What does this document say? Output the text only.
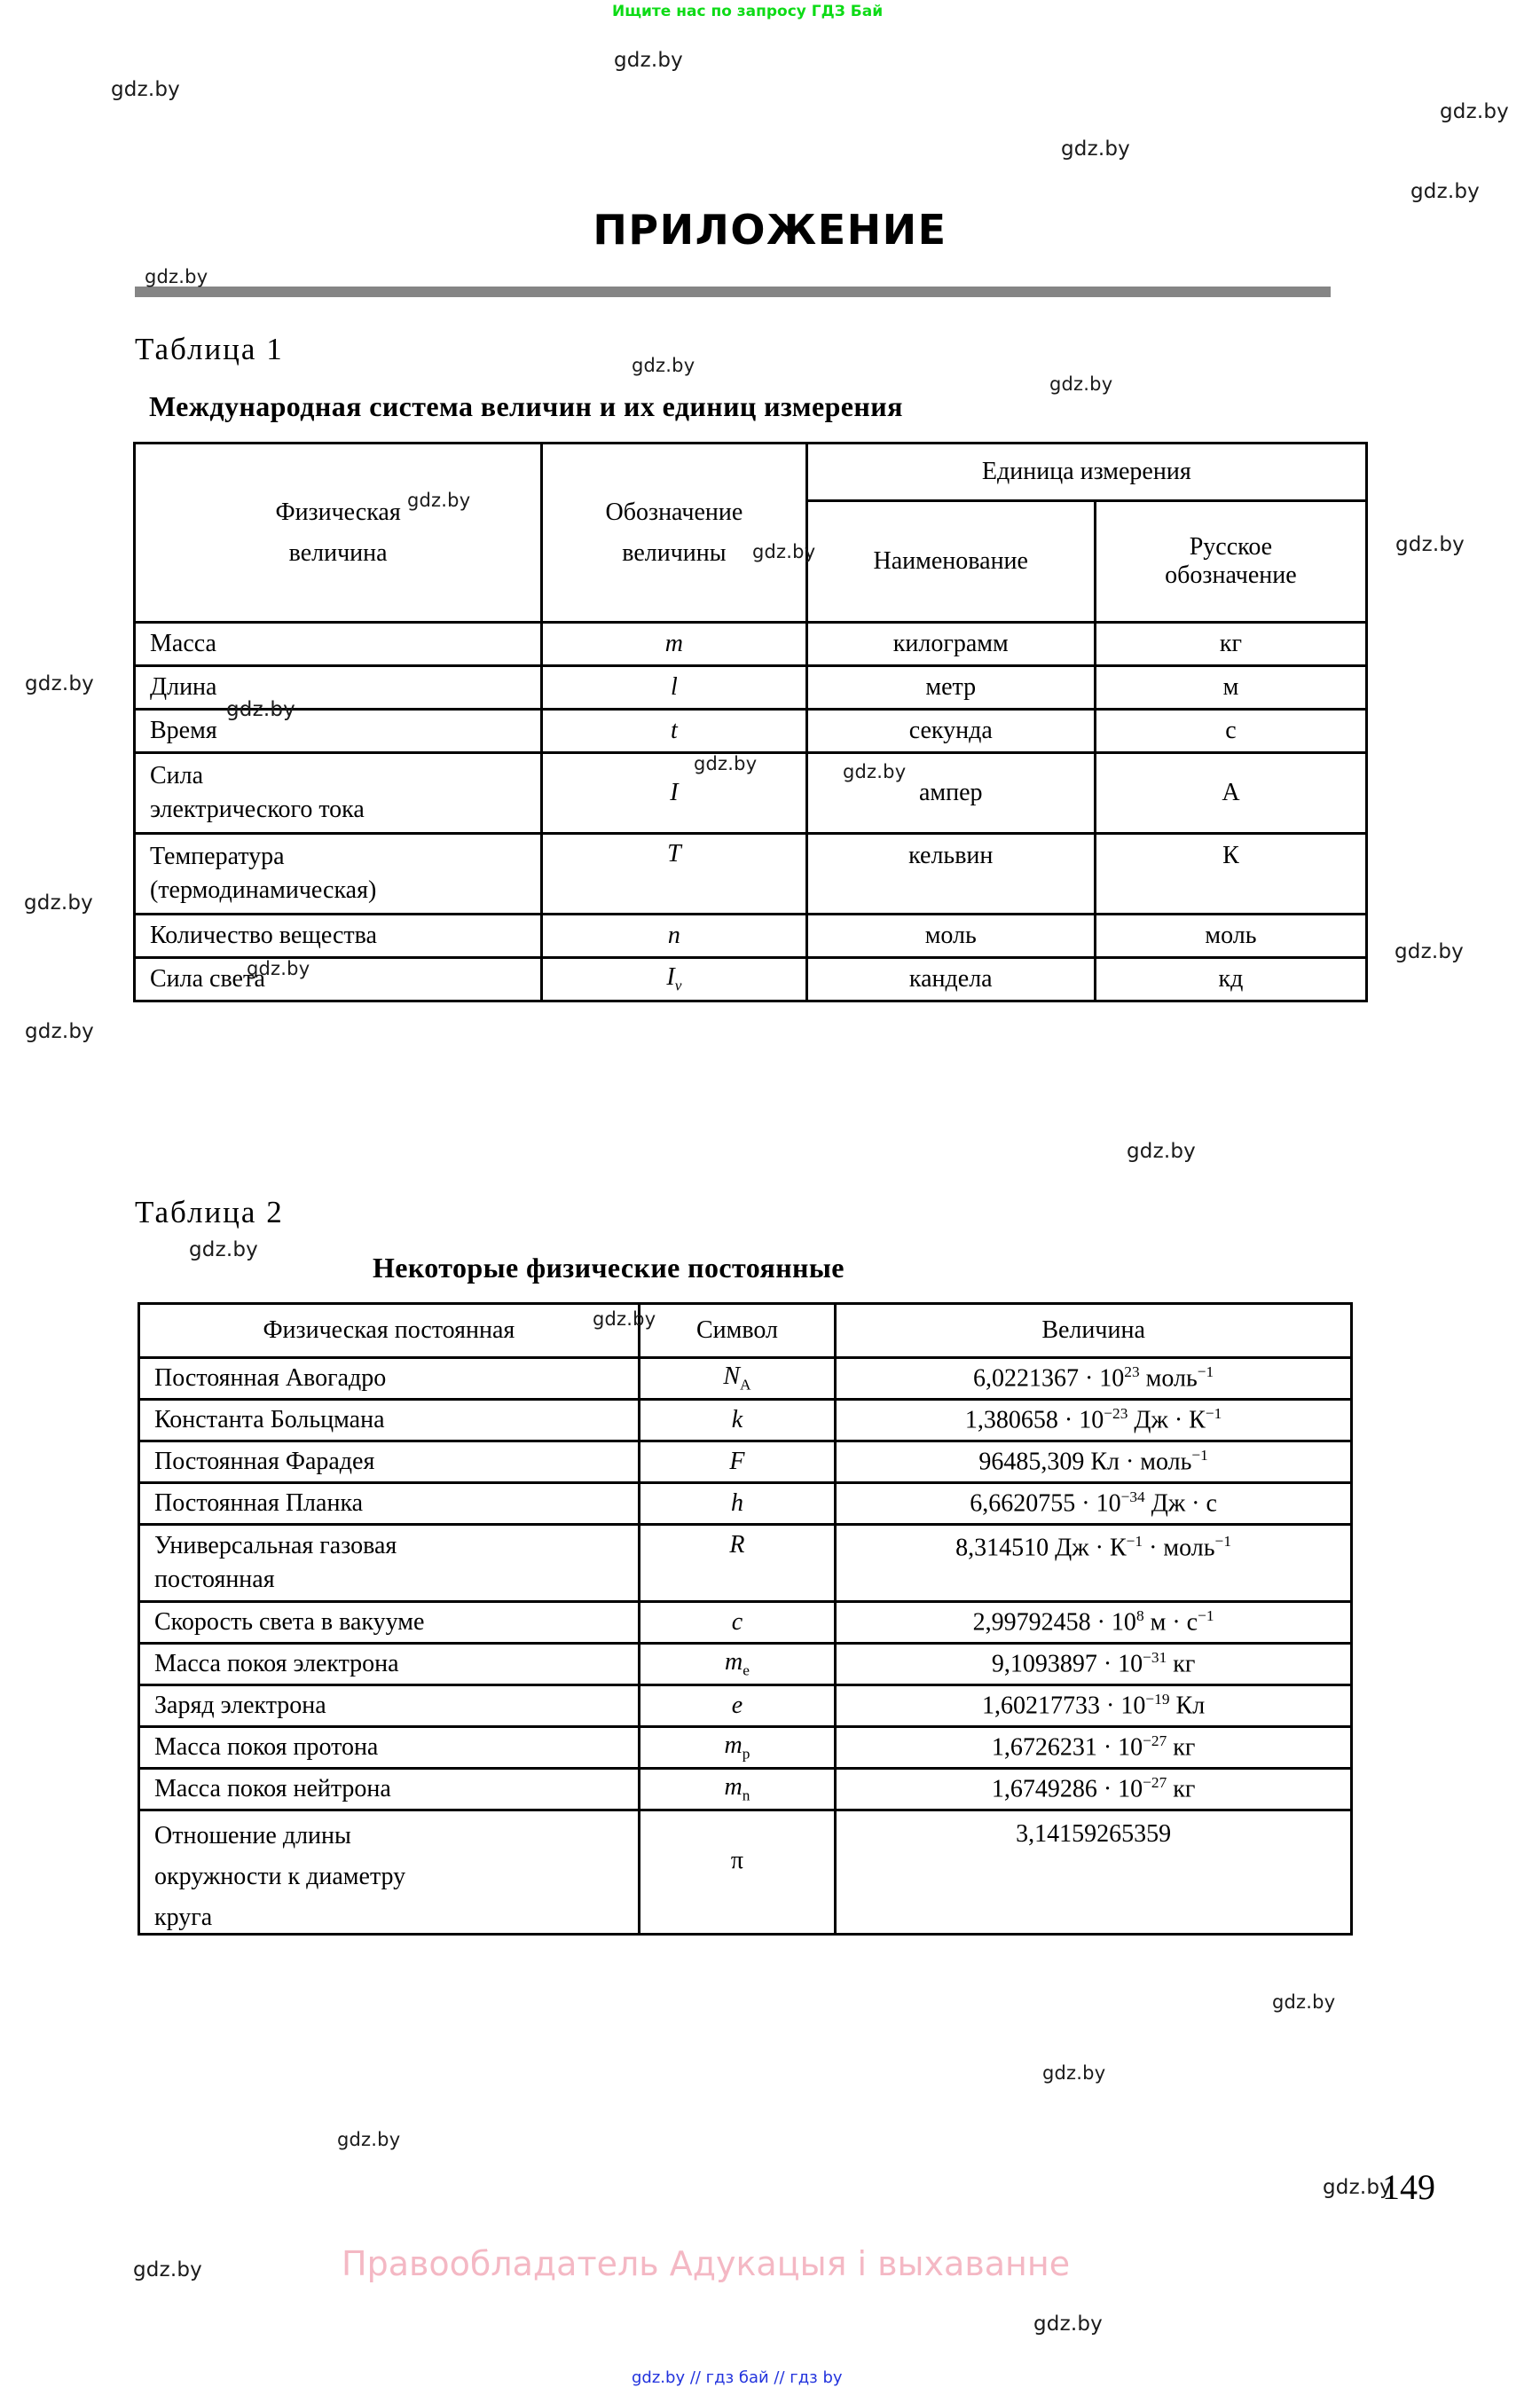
Ищите нас по запросу ГДЗ Бай
gdz.by
gdz.by
gdz.by
gdz.by
gdz.by
gdz.by
gdz.by
gdz.by
gdz.by
gdz.by	gdz.by
gdz.by
gdz.by
gdz.by	gdz.by
gdz.by
gdz.by
gdz.by
gdz.by
gdz.by
gdz.by
gdz.by
gdz.by
gdz.by
gdz.by
gdz.by
gdz.by
gdz.by
ПРИЛОЖЕНИЕ
Таблица 1
Международная система величин и их единиц измерения
Физическая
величина

Обозначение
величины
	Единица измерения
		Наименование	Русское
обозначение

Масса	m	килограмм	кг
Длина	l	метр	м
Время	t	секунда	с

Сила
электрического тока	I	ампер	А

Температура
(термодинамическая)	T	кельвин	К
Количество вещества	n	моль	моль
Сила света	$I_v$	кандела	кд
Таблица 2
Некоторые физические постоянные
Физическая постоянная	Символ	Величина
Постоянная Авогадро	$N_A$	$6,0221367 \cdot 10^{23}$ моль$^{-1}$
Константа Больцмана	k	$1,380658 \cdot 10^{-23}$ Дж · $К^{-1}$
Постоянная Фарадея	F	96485,309 Кл · моль$^{-1}$
Постоянная Планка	h	$6,6620755 \cdot 10^{-34}$ Дж · с

Универсальная газовая
постоянная	R	8,314510 Дж · $К^{-1}$ · моль$^{-1}$
Скорость света в вакууме	c	$2,99792458 \cdot 10^8$ $м \cdot с^{-1}$
Масса покоя электрона	$m_e$	$9,1093897 \cdot 10^{-31}$ кг
Заряд электрона	e	$1,60217733 \cdot 10^{-19}$ Кл
Масса покоя протона	$m_p$	$1,6726231 \cdot 10^{-27}$ кг
Масса покоя нейтрона	$m_n$	$1,6749286 \cdot 10^{-27}$ кг

Отношение длины
окружности к диаметру
круга	π	3,14159265359
149
Правообладатель Адукацыя і выхаванне
gdz.by // гдз бай // гдз by
